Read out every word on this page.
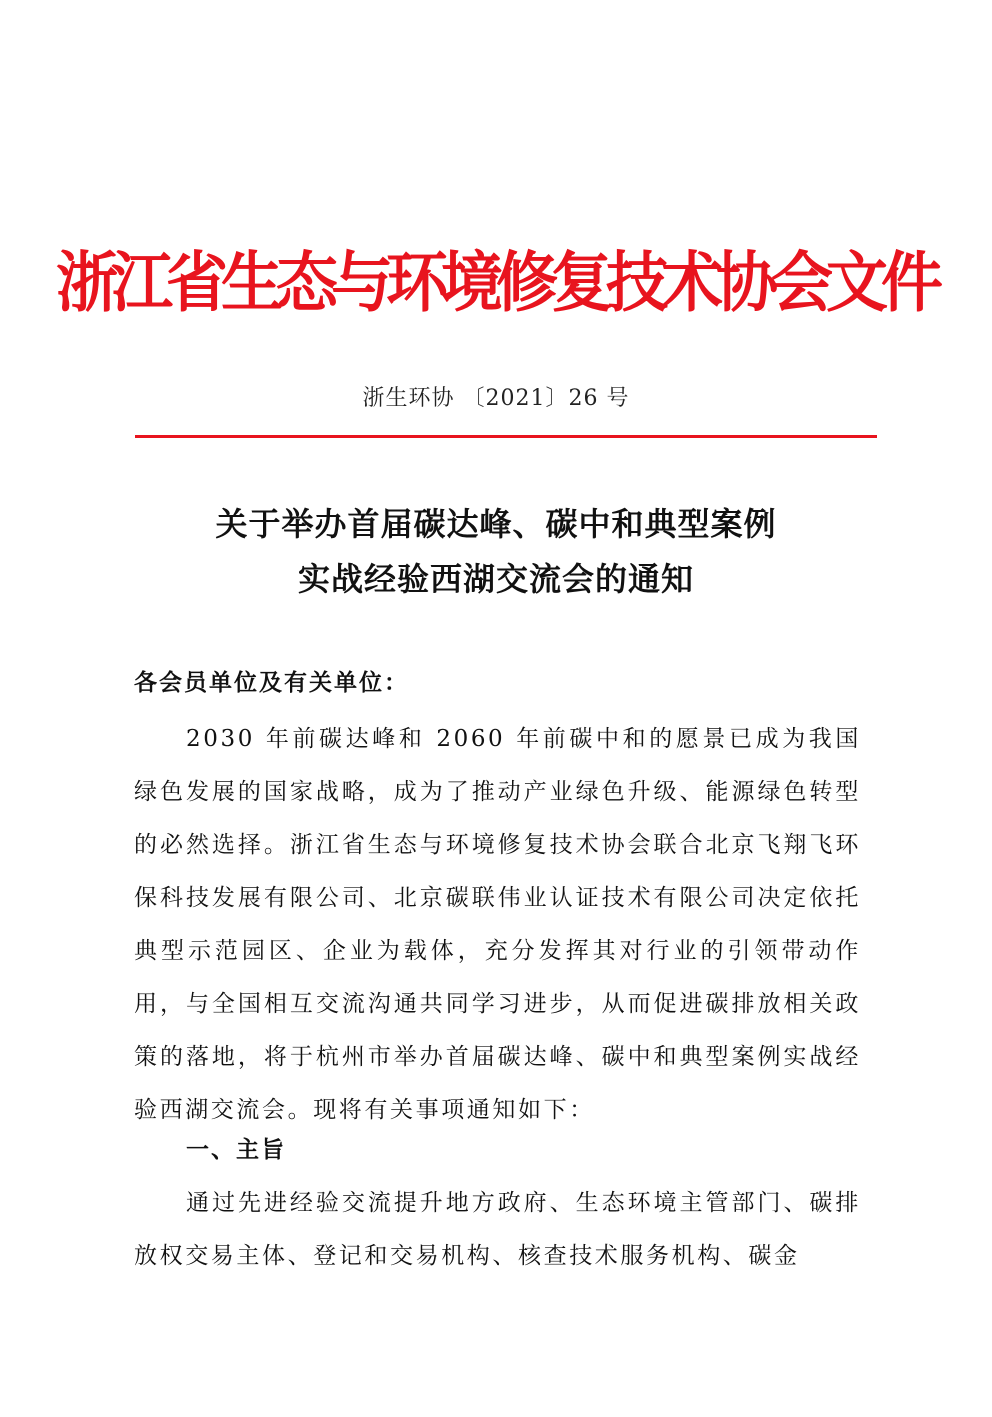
浙江省生态与环境修复技术协会文件
浙生环协 〔2021〕26 号
关于举办首届碳达峰、碳中和典型案例
实战经验西湖交流会的通知
各会员单位及有关单位：

2030 年前碳达峰和 2060 年前碳中和的愿景已成为我国绿色发展的国家战略，成为了推动产业绿色升级、能源绿色转型的必然选择。浙江省生态与环境修复技术协会联合北京飞翔飞环保科技发展有限公司、北京碳联伟业认证技术有限公司决定依托典型示范园区、企业为载体，充分发挥其对行业的引领带动作用，与全国相互交流沟通共同学习进步，从而促进碳排放相关政策的落地，将于杭州市举办首届碳达峰、碳中和典型案例实战经验西湖交流会。现将有关事项通知如下：

一、主旨

通过先进经验交流提升地方政府、生态环境主管部门、碳排放权交易主体、登记和交易机构、核查技术服务机构、碳金
